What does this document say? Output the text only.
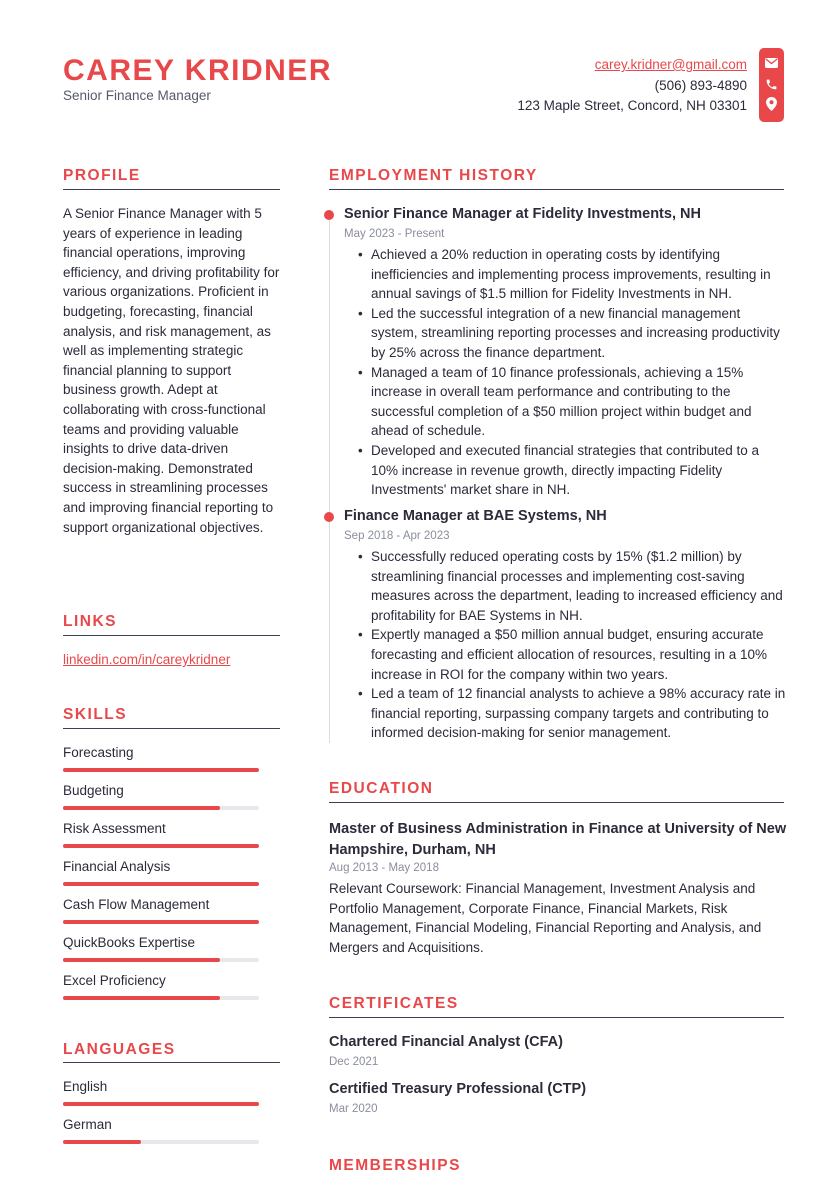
CAREY KRIDNER
Senior Finance Manager
carey.kridner@gmail.com
(506) 893-4890
123 Maple Street, Concord, NH 03301
PROFILE
A Senior Finance Manager with 5 years of experience in leading financial operations, improving efficiency, and driving profitability for various organizations. Proficient in budgeting, forecasting, financial analysis, and risk management, as well as implementing strategic financial planning to support business growth. Adept at collaborating with cross-functional teams and providing valuable insights to drive data-driven decision-making. Demonstrated success in streamlining processes and improving financial reporting to support organizational objectives.
LINKS
linkedin.com/in/careykridner
SKILLS
Forecasting
Budgeting
Risk Assessment
Financial Analysis
Cash Flow Management
QuickBooks Expertise
Excel Proficiency
LANGUAGES
English
German
EMPLOYMENT HISTORY
Senior Finance Manager at Fidelity Investments, NH
May 2023 - Present
• Achieved a 20% reduction in operating costs by identifying inefficiencies and implementing process improvements, resulting in annual savings of $1.5 million for Fidelity Investments in NH.
• Led the successful integration of a new financial management system, streamlining reporting processes and increasing productivity by 25% across the finance department.
• Managed a team of 10 finance professionals, achieving a 15% increase in overall team performance and contributing to the successful completion of a $50 million project within budget and ahead of schedule.
• Developed and executed financial strategies that contributed to a 10% increase in revenue growth, directly impacting Fidelity Investments' market share in NH.
Finance Manager at BAE Systems, NH
Sep 2018 - Apr 2023
• Successfully reduced operating costs by 15% ($1.2 million) by streamlining financial processes and implementing cost-saving measures across the department, leading to increased efficiency and profitability for BAE Systems in NH.
• Expertly managed a $50 million annual budget, ensuring accurate forecasting and efficient allocation of resources, resulting in a 10% increase in ROI for the company within two years.
• Led a team of 12 financial analysts to achieve a 98% accuracy rate in financial reporting, surpassing company targets and contributing to informed decision-making for senior management.
EDUCATION
Master of Business Administration in Finance at University of New Hampshire, Durham, NH
Aug 2013 - May 2018
Relevant Coursework: Financial Management, Investment Analysis and Portfolio Management, Corporate Finance, Financial Markets, Risk Management, Financial Modeling, Financial Reporting and Analysis, and Mergers and Acquisitions.
CERTIFICATES
Chartered Financial Analyst (CFA)
Dec 2021
Certified Treasury Professional (CTP)
Mar 2020
MEMBERSHIPS
